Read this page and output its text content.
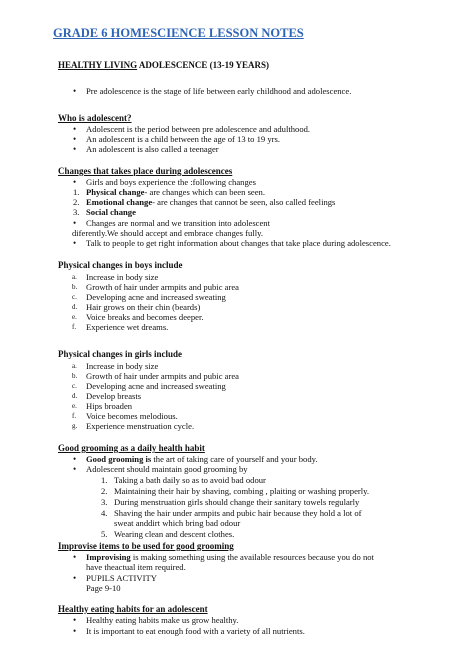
GRADE 6 HOMESCIENCE LESSON NOTES
HEALTHY LIVING ADOLESCENCE (13-19 YEARS)
• Pre adolescence is the stage of life between early childhood and adolescence.
Who is adolescent?
• Adolescent is the period between pre adolescence and adulthood.
• An adolescent is a child between the age of 13 to 19 yrs.
• An adolescent is also called a teenager
Changes that takes place during adolescences
• Girls and boys experience the :following changes
1. Physical change- are changes which can been seen.
2. Emotional change- are changes that cannot be seen, also called feelings
3. Social change
• Changes are normal and we transition into adolescent
diferently.We should accept and embrace changes fully.
• Talk to people to get right information about changes that take place during adolescence.
Physical changes in boys include
a. Increase in body size
b. Growth of hair under armpits and pubic area
c. Developing acne and increased sweating
d. Hair grows on their chin (beards)
e. Voice breaks and becomes deeper.
f. Experience wet dreams.
Physical changes in girls include
a. Increase in body size
b. Growth of hair under armpits and pubic area
c. Developing acne and increased sweating
d. Develop breasts
e. Hips broaden
f. Voice becomes melodious.
g. Experience menstruation cycle.
Good grooming as a daily health habit
• Good grooming is the art of taking care of yourself and your body.
• Adolescent should maintain good grooming by
1. Taking a bath daily so as to avoid bad odour
2. Maintaining their hair by shaving, combing , plaiting or washing properly.
3. During menstruation girls should change their sanitary towels regularly
4. Shaving the hair under armpits and pubic hair because they hold a lot of
sweat anddirt which bring bad odour
5. Wearing clean and descent clothes.
Improvise items to be used for good grooming
• Improvising is making something using the available resources because you do not
have theactual item required.
• PUPILS ACTIVITY
Page 9-10
Healthy eating habits for an adolescent
• Healthy eating habits make us grow healthy.
• It is important to eat enough food with a variety of all nutrients.
